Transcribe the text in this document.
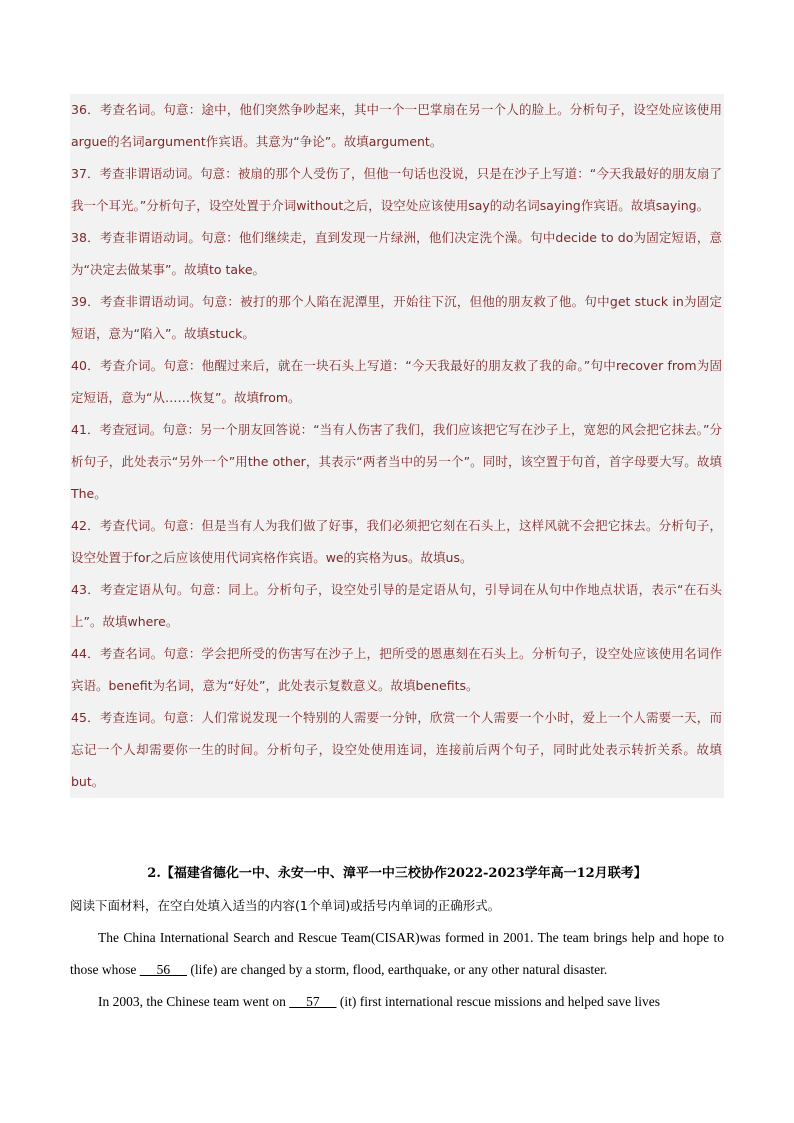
36．考查名词。句意：途中，他们突然争吵起来，其中一个一巴掌扇在另一个人的脸上。分析句子，设空处应该使用argue的名词argument作宾语。其意为“争论”。故填argument。

37．考查非谓语动词。句意：被扇的那个人受伤了，但他一句话也没说，只是在沙子上写道：“今天我最好的朋友扇了我一个耳光。”分析句子，设空处置于介词without之后，设空处应该使用say的动名词saying作宾语。故填saying。

38．考查非谓语动词。句意：他们继续走，直到发现一片绿洲，他们决定洗个澡。句中decide to do为固定短语，意为“决定去做某事”。故填to take。

39．考查非谓语动词。句意：被打的那个人陷在泥潭里，开始往下沉，但他的朋友救了他。句中get stuck in为固定短语，意为“陷入”。故填stuck。

40．考查介词。句意：他醒过来后，就在一块石头上写道：“今天我最好的朋友救了我的命。”句中recover from为固定短语，意为“从……恢复”。故填from。

41．考查冠词。句意：另一个朋友回答说：“当有人伤害了我们，我们应该把它写在沙子上，宽恕的风会把它抹去。”分析句子，此处表示“另外一个”用the other，其表示“两者当中的另一个”。同时，该空置于句首，首字母要大写。故填The。

42．考查代词。句意：但是当有人为我们做了好事，我们必须把它刻在石头上，这样风就不会把它抹去。分析句子，设空处置于for之后应该使用代词宾格作宾语。we的宾格为us。故填us。

43．考查定语从句。句意：同上。分析句子，设空处引导的是定语从句，引导词在从句中作地点状语，表示“在石头上”。故填where。

44．考查名词。句意：学会把所受的伤害写在沙子上，把所受的恩惠刻在石头上。分析句子，设空处应该使用名词作宾语。benefit为名词，意为“好处”，此处表示复数意义。故填benefits。

45．考查连词。句意：人们常说发现一个特别的人需要一分钟，欣赏一个人需要一个小时，爱上一个人需要一天，而忘记一个人却需要你一生的时间。分析句子，设空处使用连词，连接前后两个句子，同时此处表示转折关系。故填but。

2.【福建省德化一中、永安一中、漳平一中三校协作2022-2023学年高一12月联考】

阅读下面材料，在空白处填入适当的内容(1个单词)或括号内单词的正确形式。

The China International Search and Rescue Team(CISAR)was formed in 2001. The team brings help and hope to those whose      56      (life) are changed by a storm, flood, earthquake, or any other natural disaster.

In 2003, the Chinese team went on      57      (it) first international rescue missions and helped save lives
